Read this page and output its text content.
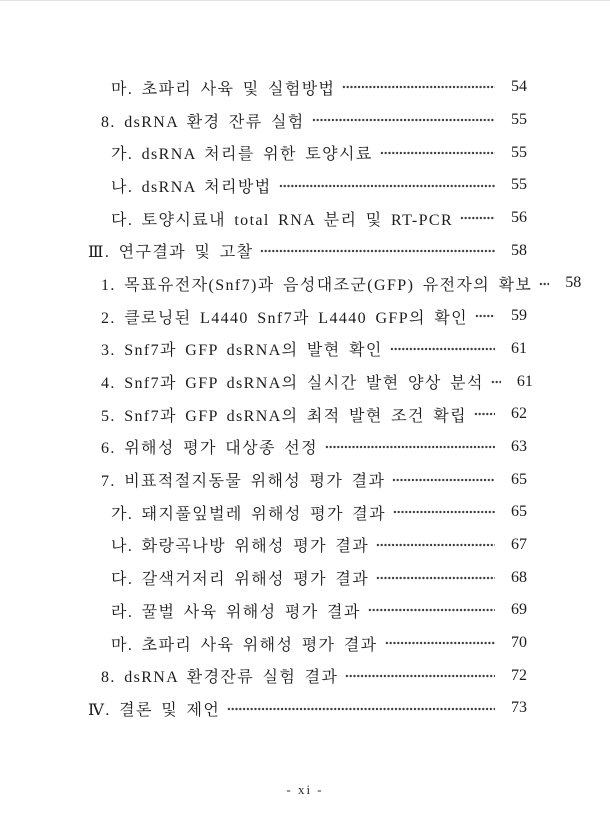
마. 초파리 사육 및 실험방법	54
8. dsRNA 환경 잔류 실험	55
가. dsRNA 처리를 위한 토양시료	55
나. dsRNA 처리방법	55
다. 토양시료내 total RNA 분리 및 RT-PCR	56
Ⅲ. 연구결과 및 고찰	58
1. 목표유전자(Snf7)과 음성대조군(GFP) 유전자의 확보	58
2. 클로닝된 L4440 Snf7과 L4440 GFP의 확인	59
3. Snf7과 GFP dsRNA의 발현 확인	61
4. Snf7과 GFP dsRNA의 실시간 발현 양상 분석	61
5. Snf7과 GFP dsRNA의 최적 발현 조건 확립	62
6. 위해성 평가 대상종 선정	63
7. 비표적절지동물 위해성 평가 결과	65
가. 돼지풀잎벌레 위해성 평가 결과	65
나. 화랑곡나방 위해성 평가 결과	67
다. 갈색거저리 위해성 평가 결과	68
라. 꿀벌 사육 위해성 평가 결과	69
마. 초파리 사육 위해성 평가 결과	70
8. dsRNA 환경잔류 실험 결과	72
Ⅳ. 결론 및 제언	73
- xi -
